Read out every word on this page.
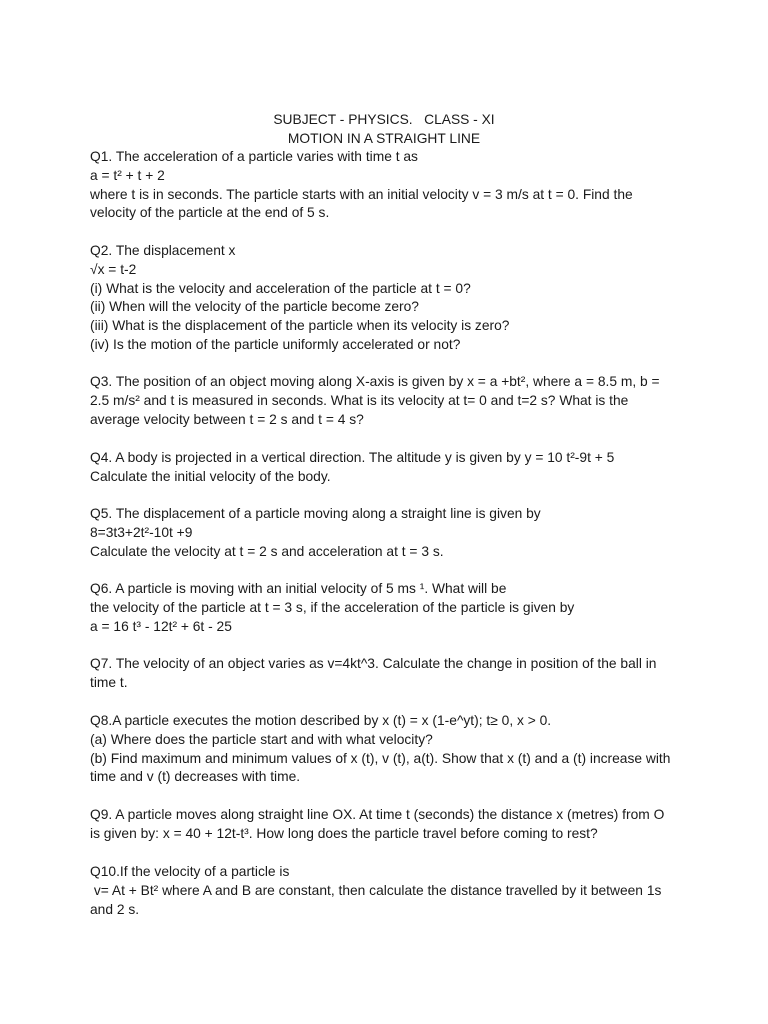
SUBJECT - PHYSICS.   CLASS - XI
MOTION IN A STRAIGHT LINE
Q1. The acceleration of a particle varies with time t as
a = t² + t + 2
where t is in seconds. The particle starts with an initial velocity v = 3 m/s at t = 0. Find the
velocity of the particle at the end of 5 s.
Q2. The displacement x
√x = t-2
(i) What is the velocity and acceleration of the particle at t = 0?
(ii) When will the velocity of the particle become zero?
(iii) What is the displacement of the particle when its velocity is zero?
(iv) Is the motion of the particle uniformly accelerated or not?
Q3. The position of an object moving along X-axis is given by x = a +bt², where a = 8.5 m, b =
2.5 m/s² and t is measured in seconds. What is its velocity at t= 0 and t=2 s? What is the
average velocity between t = 2 s and t = 4 s?
Q4. A body is projected in a vertical direction. The altitude y is given by y = 10 t²-9t + 5
Calculate the initial velocity of the body.
Q5. The displacement of a particle moving along a straight line is given by
8=3t3+2t²-10t +9
Calculate the velocity at t = 2 s and acceleration at t = 3 s.
Q6. A particle is moving with an initial velocity of 5 ms ¹. What will be
the velocity of the particle at t = 3 s, if the acceleration of the particle is given by
a = 16 t³ - 12t² + 6t - 25
Q7. The velocity of an object varies as v=4kt^3. Calculate the change in position of the ball in
time t.
Q8.A particle executes the motion described by x (t) = x (1-e^yt); t≥ 0, x > 0.
(a) Where does the particle start and with what velocity?
(b) Find maximum and minimum values of x (t), v (t), a(t). Show that x (t) and a (t) increase with
time and v (t) decreases with time.
Q9. A particle moves along straight line OX. At time t (seconds) the distance x (metres) from O
is given by: x = 40 + 12t-t³. How long does the particle travel before coming to rest?
Q10.If the velocity of a particle is
v= At + Bt² where A and B are constant, then calculate the distance travelled by it between 1s
and 2 s.
